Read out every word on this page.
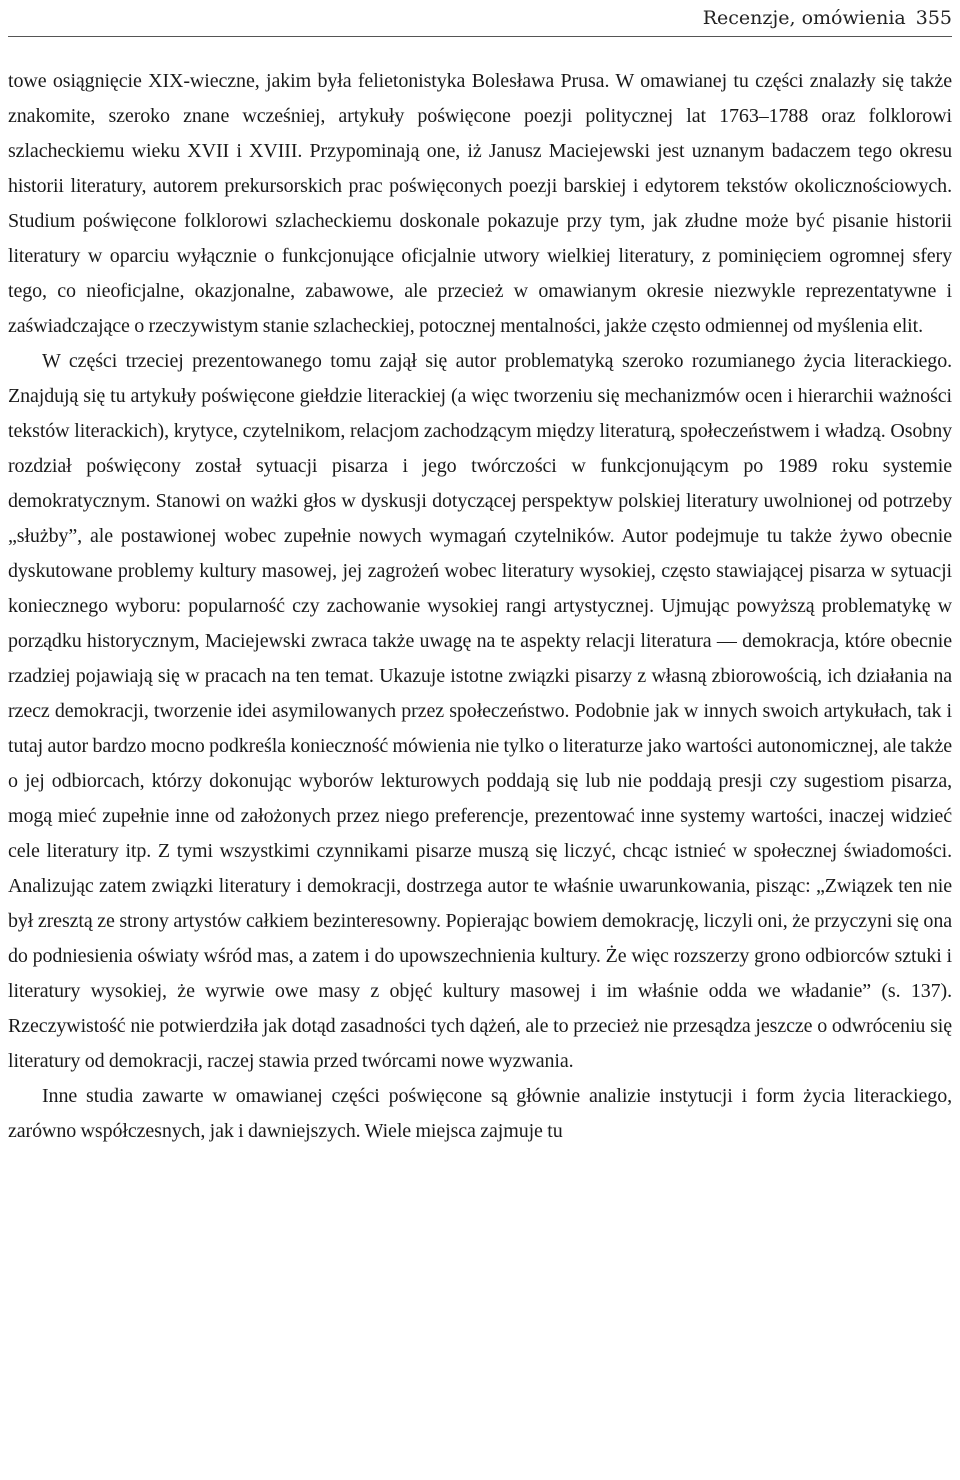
Recenzje, omówienia 355

towe osiągnięcie XIX-wieczne, jakim była felietonistyka Bolesława Prusa. W omawianej tu części znalazły się także znakomite, szeroko znane wcześniej, artykuły poświęcone poezji politycznej lat 1763–1788 oraz folklorowi szlacheckiemu wieku XVII i XVIII. Przypominają one, iż Janusz Maciejewski jest uznanym badaczem tego okresu historii literatury, autorem prekursorskich prac poświęconych poezji barskiej i edytorem tekstów okolicznościowych. Studium poświęcone folklorowi szlacheckiemu doskonale pokazuje przy tym, jak złudne może być pisanie historii literatury w oparciu wyłącznie o funkcjonujące oficjalnie utwory wielkiej literatury, z pominięciem ogromnej sfery tego, co nieoficjalne, okazjonalne, zabawowe, ale przecież w omawianym okresie niezwykle reprezentatywne i zaświadczające o rzeczywistym stanie szlacheckiej, potocznej mentalności, jakże często odmiennej od myślenia elit.

W części trzeciej prezentowanego tomu zajął się autor problematyką szeroko rozumianego życia literackiego. Znajdują się tu artykuły poświęcone giełdzie literackiej (a więc tworzeniu się mechanizmów ocen i hierarchii ważności tekstów literackich), krytyce, czytelnikom, relacjom zachodzącym między literaturą, społeczeństwem i władzą. Osobny rozdział poświęcony został sytuacji pisarza i jego twórczości w funkcjonującym po 1989 roku systemie demokratycznym. Stanowi on ważki głos w dyskusji dotyczącej perspektyw polskiej literatury uwolnionej od potrzeby „służby”, ale postawionej wobec zupełnie nowych wymagań czytelników. Autor podejmuje tu także żywo obecnie dyskutowane problemy kultury masowej, jej zagrożeń wobec literatury wysokiej, często stawiającej pisarza w sytuacji koniecznego wyboru: popularność czy zachowanie wysokiej rangi artystycznej. Ujmując powyższą problematykę w porządku historycznym, Maciejewski zwraca także uwagę na te aspekty relacji literatura — demokracja, które obecnie rzadziej pojawiają się w pracach na ten temat. Ukazuje istotne związki pisarzy z własną zbiorowością, ich działania na rzecz demokracji, tworzenie idei asymilowanych przez społeczeństwo. Podobnie jak w innych swoich artykułach, tak i tutaj autor bardzo mocno podkreśla konieczność mówienia nie tylko o literaturze jako wartości autonomicznej, ale także o jej odbiorcach, którzy dokonując wyborów lekturowych poddają się lub nie poddają presji czy sugestiom pisarza, mogą mieć zupełnie inne od założonych przez niego preferencje, prezentować inne systemy wartości, inaczej widzieć cele literatury itp. Z tymi wszystkimi czynnikami pisarze muszą się liczyć, chcąc istnieć w społecznej świadomości. Analizując zatem związki literatury i demokracji, dostrzega autor te właśnie uwarunkowania, pisząc: „Związek ten nie był zresztą ze strony artystów całkiem bezinteresowny. Popierając bowiem demokrację, liczyli oni, że przyczyni się ona do podniesienia oświaty wśród mas, a zatem i do upowszechnienia kultury. Że więc rozszerzy grono odbiorców sztuki i literatury wysokiej, że wyrwie owe masy z objęć kultury masowej i im właśnie odda we władanie” (s. 137). Rzeczywistość nie potwierdziła jak dotąd zasadności tych dążeń, ale to przecież nie przesądza jeszcze o odwróceniu się literatury od demokracji, raczej stawia przed twórcami nowe wyzwania.

Inne studia zawarte w omawianej części poświęcone są głównie analizie instytucji i form życia literackiego, zarówno współczesnych, jak i dawniejszych. Wiele miejsca zajmuje tu
